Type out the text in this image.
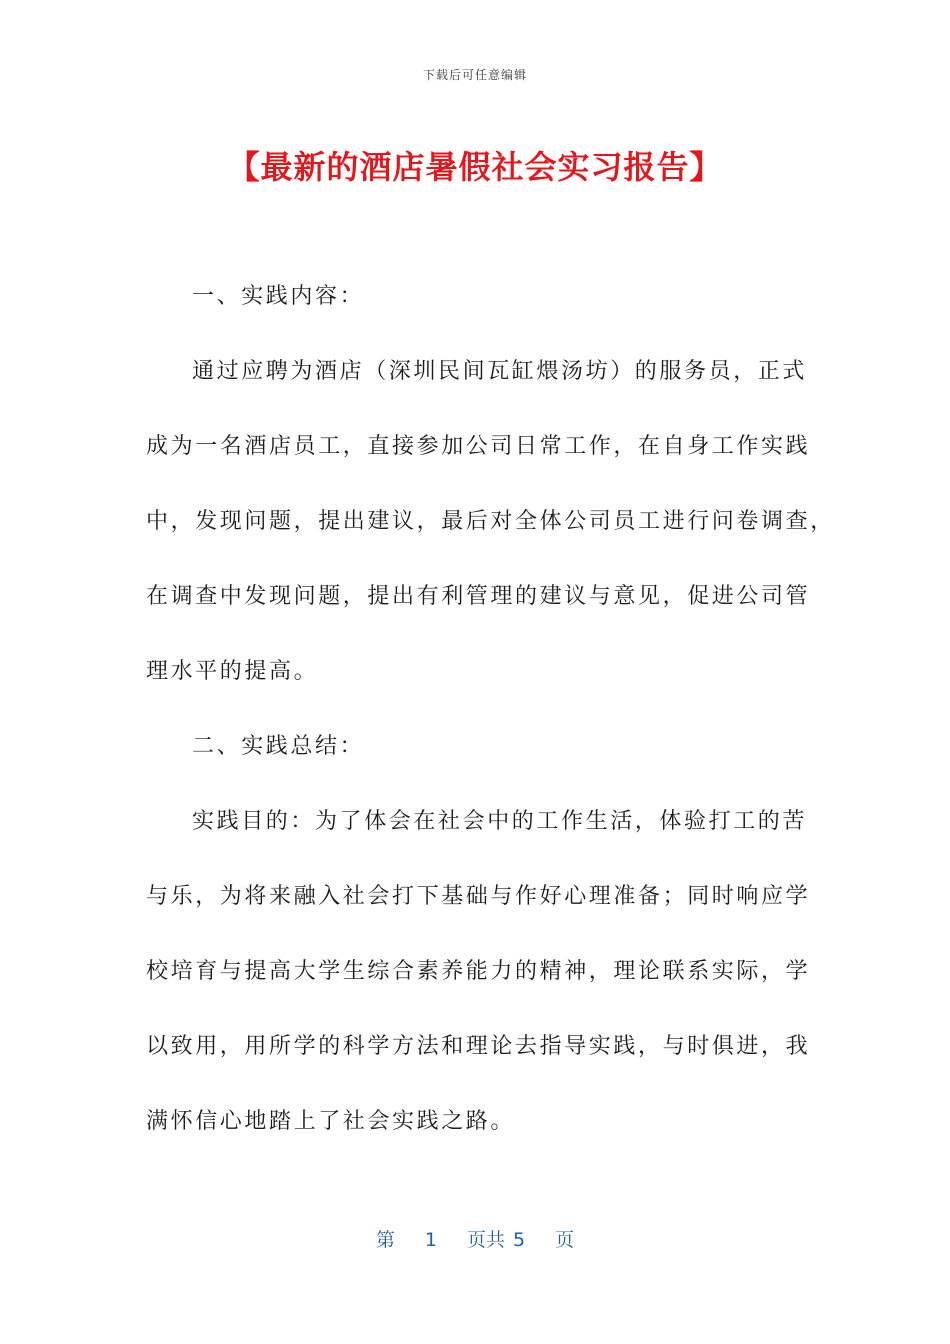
下载后可任意编辑
【最新的酒店暑假社会实习报告】
一、实践内容：
通过应聘为酒店（深圳民间瓦缸煨汤坊）的服务员，正式
成为一名酒店员工，直接参加公司日常工作，在自身工作实践
中，发现问题，提出建议，最后对全体公司员工进行问卷调查，
在调查中发现问题，提出有利管理的建议与意见，促进公司管
理水平的提高。
二、实践总结：
实践目的：为了体会在社会中的工作生活，体验打工的苦
与乐，为将来融入社会打下基础与作好心理准备；同时响应学
校培育与提高大学生综合素养能力的精神，理论联系实际，学
以致用，用所学的科学方法和理论去指导实践，与时俱进，我
满怀信心地踏上了社会实践之路。
第 1 页共 5 页
